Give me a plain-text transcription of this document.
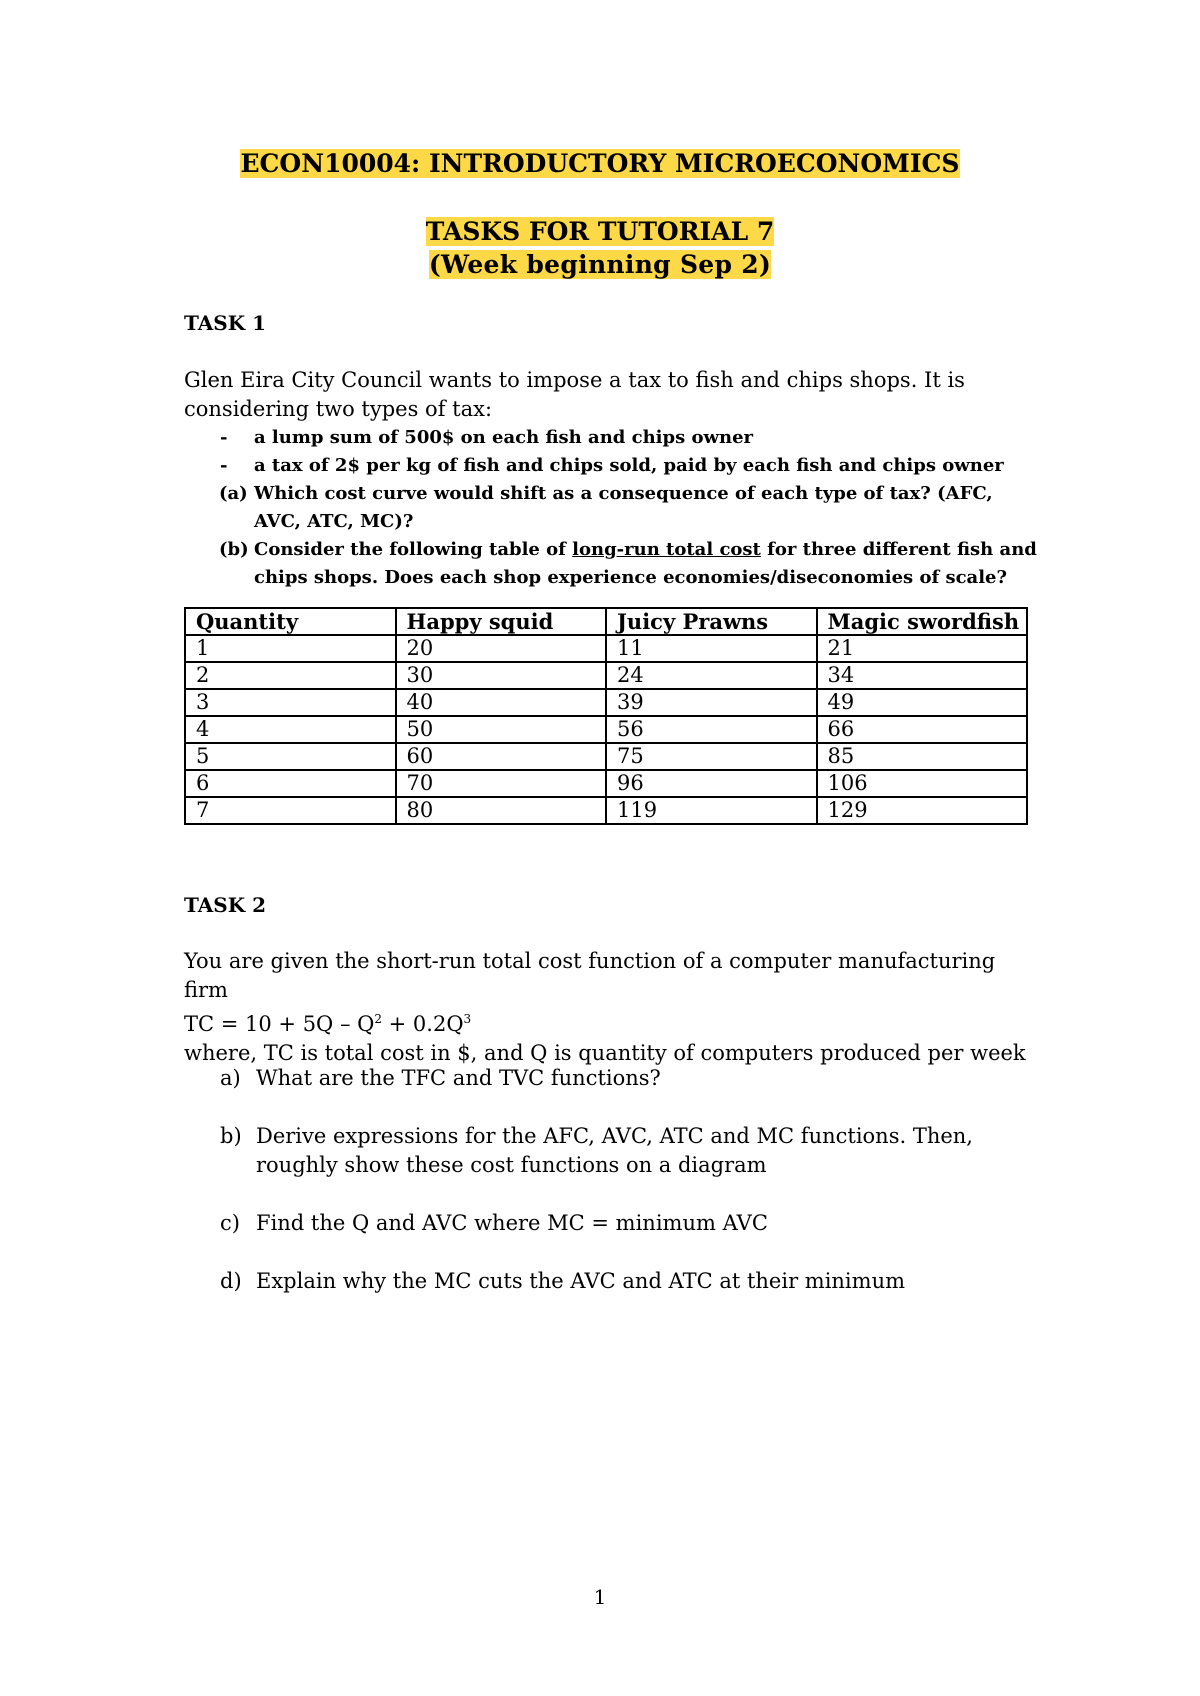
ECON10004: INTRODUCTORY MICROECONOMICS
TASKS FOR TUTORIAL 7
(Week beginning Sep 2)
TASK 1
Glen Eira City Council wants to impose a tax to fish and chips shops. It is
considering two types of tax:
- a lump sum of 500$ on each fish and chips owner
- a tax of 2$ per kg of fish and chips sold, paid by each fish and chips owner
(a) Which cost curve would shift as a consequence of each type of tax? (AFC, AVC, ATC, MC)?
(b) Consider the following table of long-run total cost for three different fish and chips shops. Does each shop experience economies/diseconomies of scale?
Quantity	Happy squid	Juicy Prawns	Magic swordfish
1	20	11	21
2	30	24	34
3	40	39	49
4	50	56	66
5	60	75	85
6	70	96	106
7	80	119	129
TASK 2
You are given the short-run total cost function of a computer manufacturing firm
TC = $10 + 5Q - Q^2 + 0.2Q^3$
where, TC is total cost in $, and Q is quantity of computers produced per week
a) What are the TFC and TVC functions?
b) Derive expressions for the AFC, AVC, ATC and MC functions. Then, roughly show these cost functions on a diagram
c) Find the Q and AVC where MC = minimum AVC
d) Explain why the MC cuts the AVC and ATC at their minimum
1
